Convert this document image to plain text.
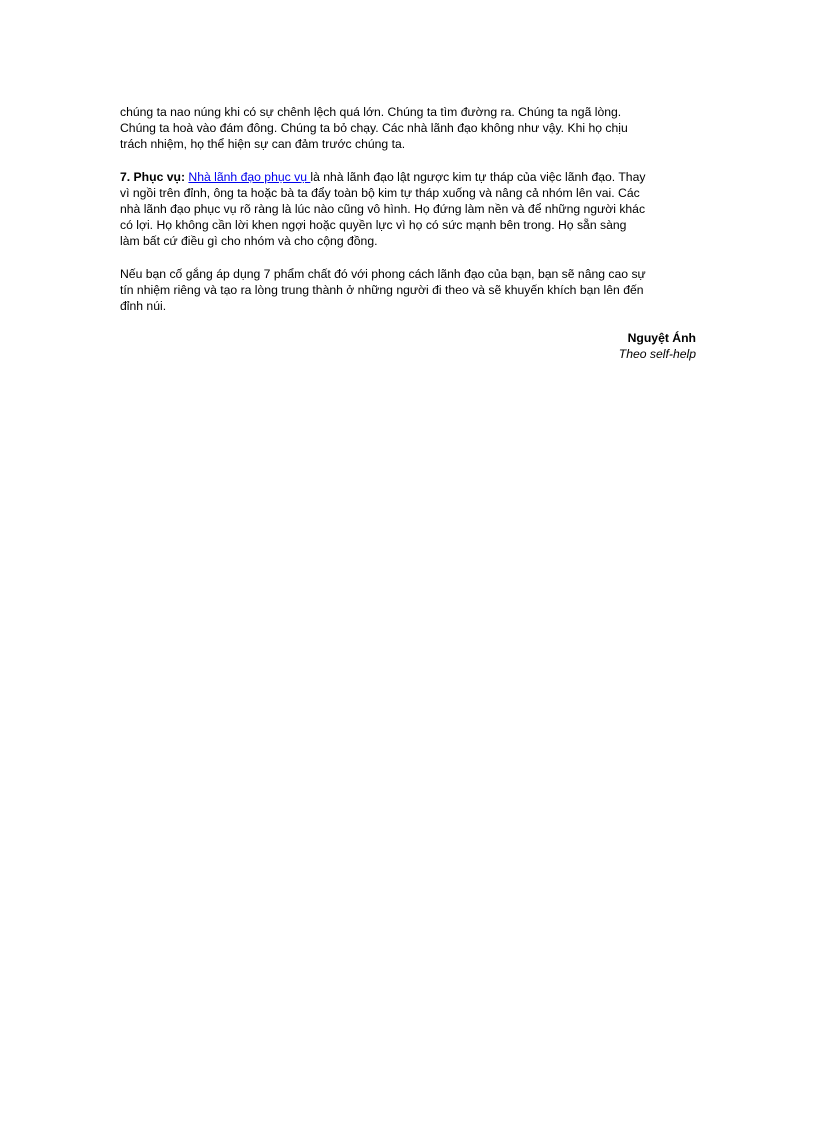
chúng ta nao núng khi có sự chênh lệch quá lớn. Chúng ta tìm đường ra. Chúng ta ngã lòng.
Chúng ta hoà vào đám đông. Chúng ta bỏ chạy. Các nhà lãnh đạo không như vậy. Khi họ chịu
trách nhiệm, họ thể hiện sự can đảm trước chúng ta.

7. Phục vụ: Nhà lãnh đạo phục vụ là nhà lãnh đạo lật ngược kim tự tháp của việc lãnh đạo. Thay
vì ngồi trên đỉnh, ông ta hoặc bà ta đẩy toàn bộ kim tự tháp xuống và nâng cả nhóm lên vai. Các
nhà lãnh đạo phục vụ rõ ràng là lúc nào cũng vô hình. Họ đứng làm nền và để những người khác
có lợi. Họ không cần lời khen ngợi hoặc quyền lực vì họ có sức mạnh bên trong. Họ sẵn sàng
làm bất cứ điều gì cho nhóm và cho cộng đồng.

Nếu bạn cố gắng áp dụng 7 phẩm chất đó với phong cách lãnh đạo của bạn, bạn sẽ nâng cao sự
tín nhiệm riêng và tạo ra lòng trung thành ở những người đi theo và sẽ khuyến khích bạn lên đến
đỉnh núi.

Nguyệt Ánh
Theo self-help
